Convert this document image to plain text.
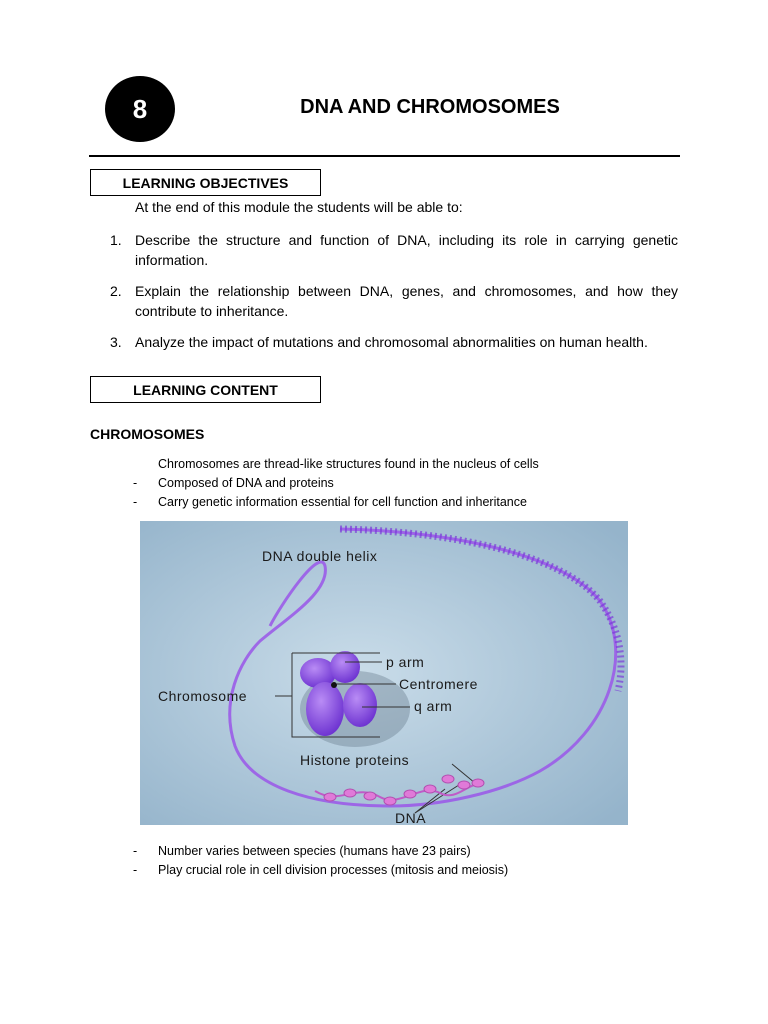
8	DNA AND CHROMOSOMES
LEARNING OBJECTIVES
At the end of this module the students will be able to:
1. Describe the structure and function of DNA, including its role in carrying genetic information.
2. Explain the relationship between DNA, genes, and chromosomes, and how they contribute to inheritance.
3. Analyze the impact of mutations and chromosomal abnormalities on human health.
LEARNING CONTENT
CHROMOSOMES
Chromosomes are thread-like structures found in the nucleus of cells
-	Composed of DNA and proteins
-	Carry genetic information essential for cell function and inheritance
DNA double helix
p arm
Centromere
Chromosome
q arm
Histone proteins
DNA
-	Number varies between species (humans have 23 pairs)
-	Play crucial role in cell division processes (mitosis and meiosis)
